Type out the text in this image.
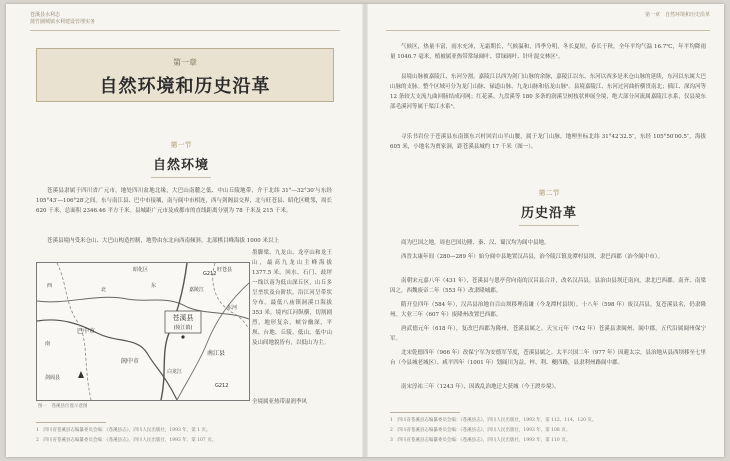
苍溪县水利志
蒲竹圃城镇水利建设管理实务
第一章
自然环境和历史沿革
第一节
自然环境

苍溪县隶属于四川省广元市，地处四川盆地北缘，大巴山南麓之低、中山丘陵地带，介于北纬 31°—32°30′与东经 105°43′—106°28′之间。东与南江县、巴中市接壤，南与阆中市相连，西与剑阁县交界，北与旺苍县、昭化区毗邻，周长 620 千米，总面积 2346.46 平方千米。县城距广元市及成都市的直线距离分别为 78 千米及 215 千米。

苍溪县境内受米仓山、大巴山构造控制，地势由东北向西南倾斜。北部棋目峰海拔 1000 米以上

墨脚梁、九龙山、龙亭山和龙王山，最高九龙山主峰海拔 1377.5 米。回水、石门、歧坪一线以南为低山深丘区，山丘多呈垄状及台阶状，沿江河呈带状分布。最低八庙镇洞溪口海拔 353 米。境内江河纵横，切割剧烈，地形复杂，峡谷幽深，平坝、台地、丘陵、低山、低中山及山间地貌皆有，以低山为主。

全境属亚热带湿润季风

苍溪县
(陵江镇)
南江县
G212
G212
巴中市
阆中市
西
北
东
南
嘉陵江
东河
白龙江
剑阁县
旺苍县
昭化区
图一　苍溪县位置示意图

1　四川省苍溪县志编纂委员会编：《苍溪县志》，四川人民出版社，1993 年，第 1 页。

2　四川省苍溪县志编纂委员会编：《苍溪县志》，四川人民出版社，1993 年，第 107 页。

第一章　自然环境和历史沿革

气候区，热量丰富，雨水充沛，无霜期长，气候温和，四季分明，冬长夏短，春长于秋。全年平均气温 16.7℃，年平均降雨量 1046.7 毫米，植被属亚热带常绿阔叶、常绿阔叶、针叶混交林区¹。

县境山脉被嘉陵江、东河分割。嘉陵江以西为剑门山脉的余脉，嘉陵江以东、东河以西多是米仓山脉的延续，东河以东属大巴山脉的支脉。整个区域可分为龙门山脉、禄道山脉、九龙山脉和伍龙山脉²。县境嘉陵江、东河过河曲折横贯南北；插江、深沟河等 12 条较大支流九曲回肠结成河网；红花溪、九盘溪等 180 多条的润溪呈树枝状伸展全境，绝大部分河流属嘉陵江水系，仅县境东部毛溪河等属于渠江水系³。

寻乐书岩位于苍溪县东南镇东兴村回岩山半山腰，属于龙门山脉，地理坐标北纬 31°42′32.5″，东经 105°50′00.5″，海拔 605 米，小地名为贾家洞，距苍溪县城约 17 千米（图一）。

第二节
历史沿革

商为巴国之地，周也巴国边陲、秦、汉、蜀汉均为阆中县地。

西晋太康年间（280—289 年）始分阆中县地置汉昌县，治今陵江镇龙潭村县坝，隶巴西郡（治今阆中市）。

南朝宋元嘉八年（431 年），苍溪县与恩亭营向南的汉昌县合并，改名汉昌县，县治由县坝迁南向，隶北巴西郡。南齐、南梁因之，西魏废帝二年（553 年）改隶隆城郡。

隋开皇四年（584 年），汉昌县治地自百山坝移理南谦（今龙潭村县坝）。十八年（598 年）废汉昌县，复苍溪县名，仍隶隆州。大业三年（607 年）废隆州改置巴西郡。

唐武德元年（618 年），复改巴西郡为隆州，苍溪县属之。天宝元年（742 年）苍溪县隶阆州、阆中郡。五代沿属阆州保宁军。

北宋乾德四年（966 年）改保宁军为安德军节度，苍溪县属之。太平兴国二年（977 年）因避太宗，县治地从县西坝移至七里台（今县城老城区）。咸平四年（1001 年）划阆川为益、梓、利、夔四路，县隶利州路阆中郡。

南宋淳祐三年（1243 年），因战乱治地迁大获城（今王渡乡境）。

1　四川省苍溪县志编纂委员会编：《苍溪县志》，四川人民出版社，1993 年，第 112、114、120 页。

2　四川省苍溪县志编纂委员会编：《苍溪县志》，四川人民出版社，1993 年，第 108 页。

3　四川省苍溪县志编纂委员会编：《苍溪县志》，四川人民出版社，1993 年，第 110 页。
